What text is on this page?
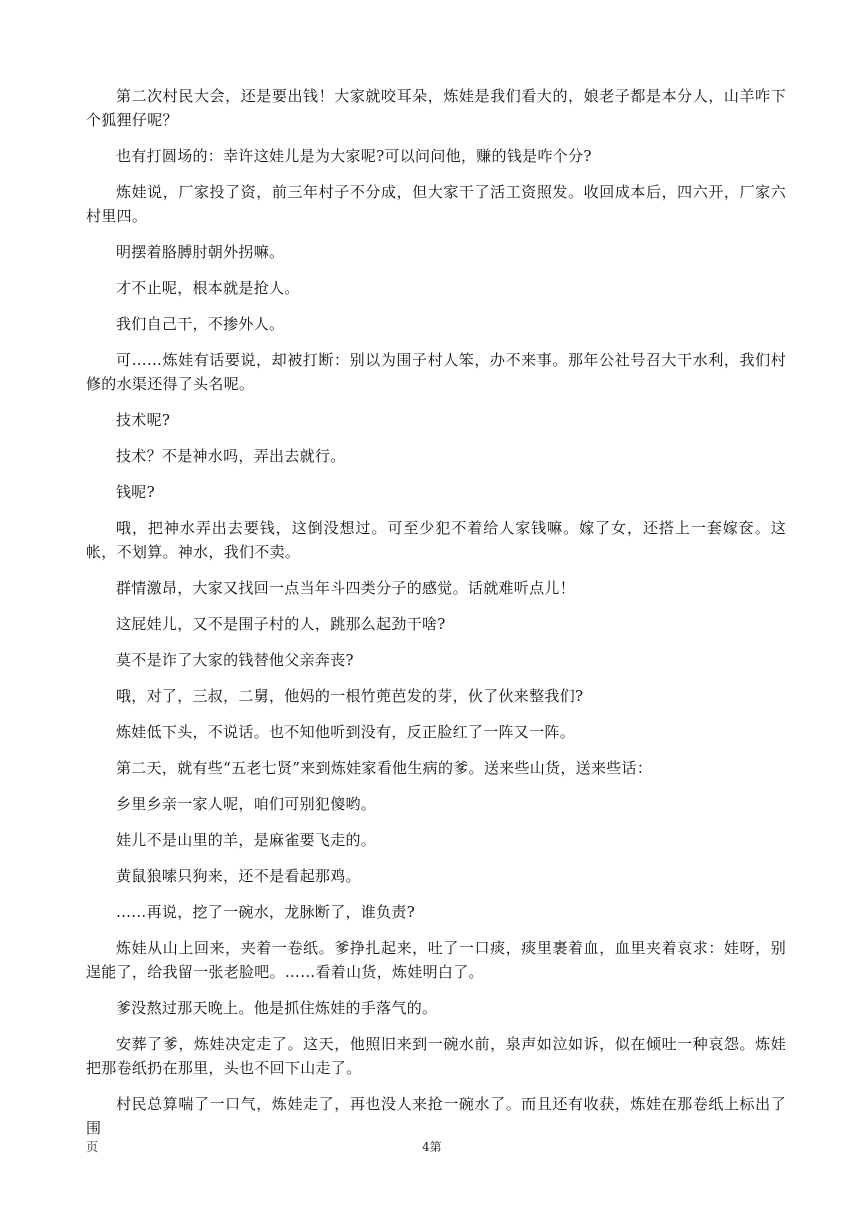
第二次村民大会，还是要出钱！大家就咬耳朵，炼娃是我们看大的，娘老子都是本分人，山羊咋下个狐狸仔呢？

也有打圆场的：幸许这娃儿是为大家呢?可以问问他，赚的钱是咋个分?

炼娃说，厂家投了资，前三年村子不分成，但大家干了活工资照发。收回成本后，四六开，厂家六村里四。

明摆着胳膊肘朝外拐嘛。

才不止呢，根本就是抢人。

我们自己干，不掺外人。

可……炼娃有话要说，却被打断：别以为围子村人笨，办不来事。那年公社号召大干水利，我们村修的水渠还得了头名呢。

技术呢?

技术？不是神水吗，弄出去就行。

钱呢?

哦，把神水弄出去要钱，这倒没想过。可至少犯不着给人家钱嘛。嫁了女，还搭上一套嫁奁。这帐，不划算。神水，我们不卖。

群情激昂，大家又找回一点当年斗四类分子的感觉。话就难听点儿！

这屁娃儿，又不是围子村的人，跳那么起劲干啥?

莫不是诈了大家的钱替他父亲奔丧?

哦，对了，三叔，二舅，他妈的一根竹蔸芭发的芽，伙了伙来整我们?

炼娃低下头，不说话。也不知他听到没有，反正脸红了一阵又一阵。

第二天，就有些“五老七贤”来到炼娃家看他生病的爹。送来些山货，送来些话：

乡里乡亲一家人呢，咱们可别犯傻哟。

娃儿不是山里的羊，是麻雀要飞走的。

黄鼠狼嗦只狗来，还不是看起那鸡。

……再说，挖了一碗水，龙脉断了，谁负责?

炼娃从山上回来，夹着一卷纸。爹挣扎起来，吐了一口痰，痰里裹着血，血里夹着哀求：娃呀，别逞能了，给我留一张老脸吧。……看着山货，炼娃明白了。

爹没熬过那天晚上。他是抓住炼娃的手落气的。

安葬了爹，炼娃决定走了。这天，他照旧来到一碗水前，泉声如泣如诉，似在倾吐一种哀怨。炼娃把那卷纸扔在那里，头也不回下山走了。

村民总算喘了一口气，炼娃走了，再也没人来抢一碗水了。而且还有收获，炼娃在那卷纸上标出了围

页	4第
